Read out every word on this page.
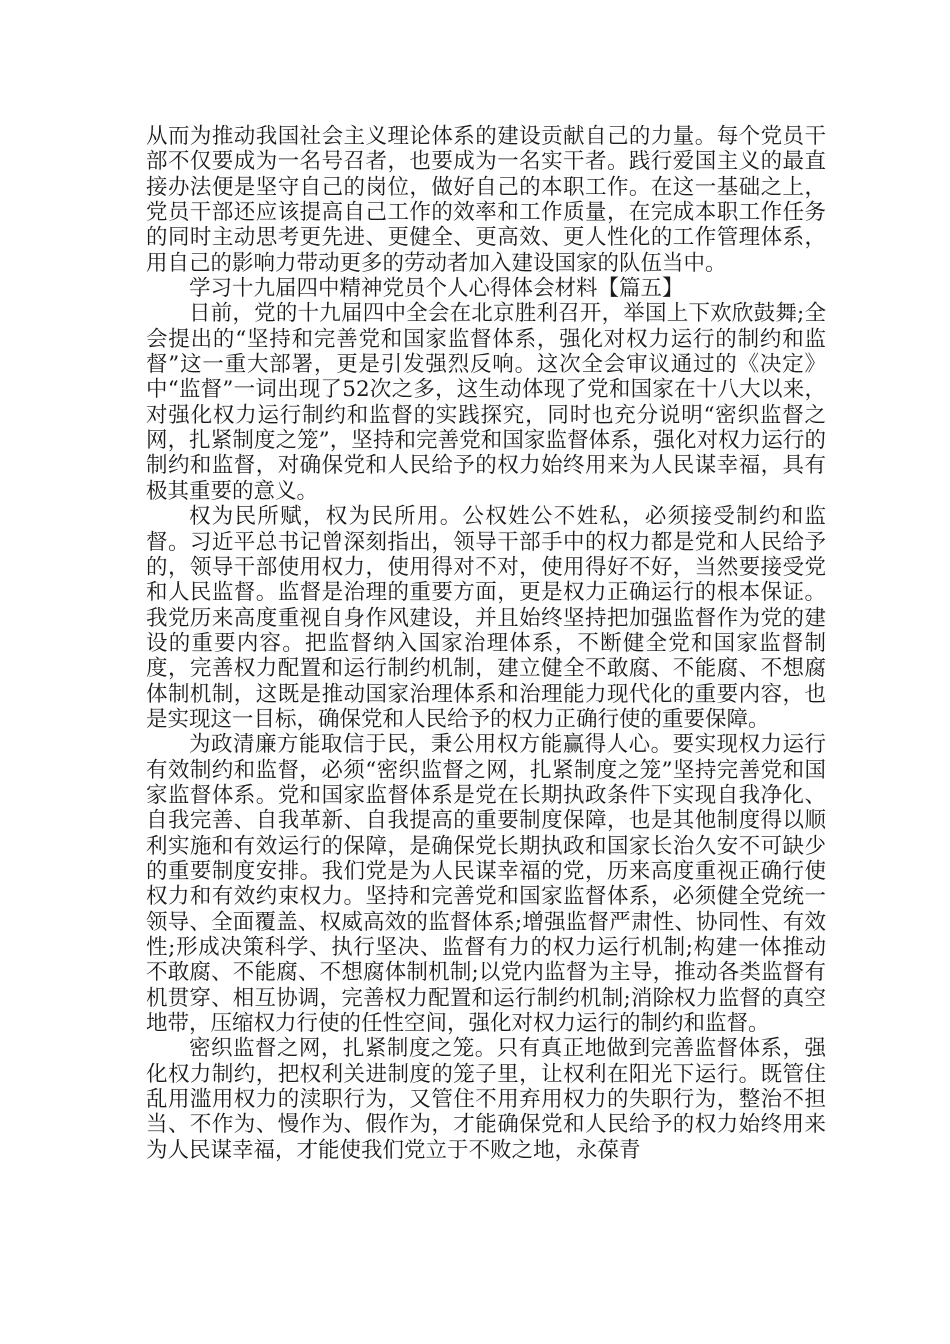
从而为推动我国社会主义理论体系的建设贡献自己的力量。每个党员干部不仅要成为一名号召者，也要成为一名实干者。践行爱国主义的最直接办法便是坚守自己的岗位，做好自己的本职工作。在这一基础之上，党员干部还应该提高自己工作的效率和工作质量，在完成本职工作任务的同时主动思考更先进、更健全、更高效、更人性化的工作管理体系，用自己的影响力带动更多的劳动者加入建设国家的队伍当中。

学习十九届四中精神党员个人心得体会材料【篇五】

日前，党的十九届四中全会在北京胜利召开，举国上下欢欣鼓舞;全会提出的“坚持和完善党和国家监督体系，强化对权力运行的制约和监督”这一重大部署，更是引发强烈反响。这次全会审议通过的《决定》中“监督”一词出现了52次之多，这生动体现了党和国家在十八大以来，对强化权力运行制约和监督的实践探究，同时也充分说明“密织监督之网，扎紧制度之笼”，坚持和完善党和国家监督体系，强化对权力运行的制约和监督，对确保党和人民给予的权力始终用来为人民谋幸福，具有极其重要的意义。

权为民所赋，权为民所用。公权姓公不姓私，必须接受制约和监督。习近平总书记曾深刻指出，领导干部手中的权力都是党和人民给予的，领导干部使用权力，使用得对不对，使用得好不好，当然要接受党和人民监督。监督是治理的重要方面，更是权力正确运行的根本保证。我党历来高度重视自身作风建设，并且始终坚持把加强监督作为党的建设的重要内容。把监督纳入国家治理体系，不断健全党和国家监督制度，完善权力配置和运行制约机制，建立健全不敢腐、不能腐、不想腐体制机制，这既是推动国家治理体系和治理能力现代化的重要内容，也是实现这一目标，确保党和人民给予的权力正确行使的重要保障。

为政清廉方能取信于民，秉公用权方能赢得人心。要实现权力运行有效制约和监督，必须“密织监督之网，扎紧制度之笼”坚持完善党和国家监督体系。党和国家监督体系是党在长期执政条件下实现自我净化、自我完善、自我革新、自我提高的重要制度保障，也是其他制度得以顺利实施和有效运行的保障，是确保党长期执政和国家长治久安不可缺少的重要制度安排。我们党是为人民谋幸福的党，历来高度重视正确行使权力和有效约束权力。坚持和完善党和国家监督体系，必须健全党统一领导、全面覆盖、权威高效的监督体系;增强监督严肃性、协同性、有效性;形成决策科学、执行坚决、监督有力的权力运行机制;构建一体推动不敢腐、不能腐、不想腐体制机制;以党内监督为主导，推动各类监督有机贯穿、相互协调，完善权力配置和运行制约机制;消除权力监督的真空地带，压缩权力行使的任性空间，强化对权力运行的制约和监督。

密织监督之网，扎紧制度之笼。只有真正地做到完善监督体系，强化权力制约，把权利关进制度的笼子里，让权利在阳光下运行。既管住乱用滥用权力的渎职行为，又管住不用弃用权力的失职行为，整治不担当、不作为、慢作为、假作为，才能确保党和人民给予的权力始终用来为人民谋幸福，才能使我们党立于不败之地，永葆青
